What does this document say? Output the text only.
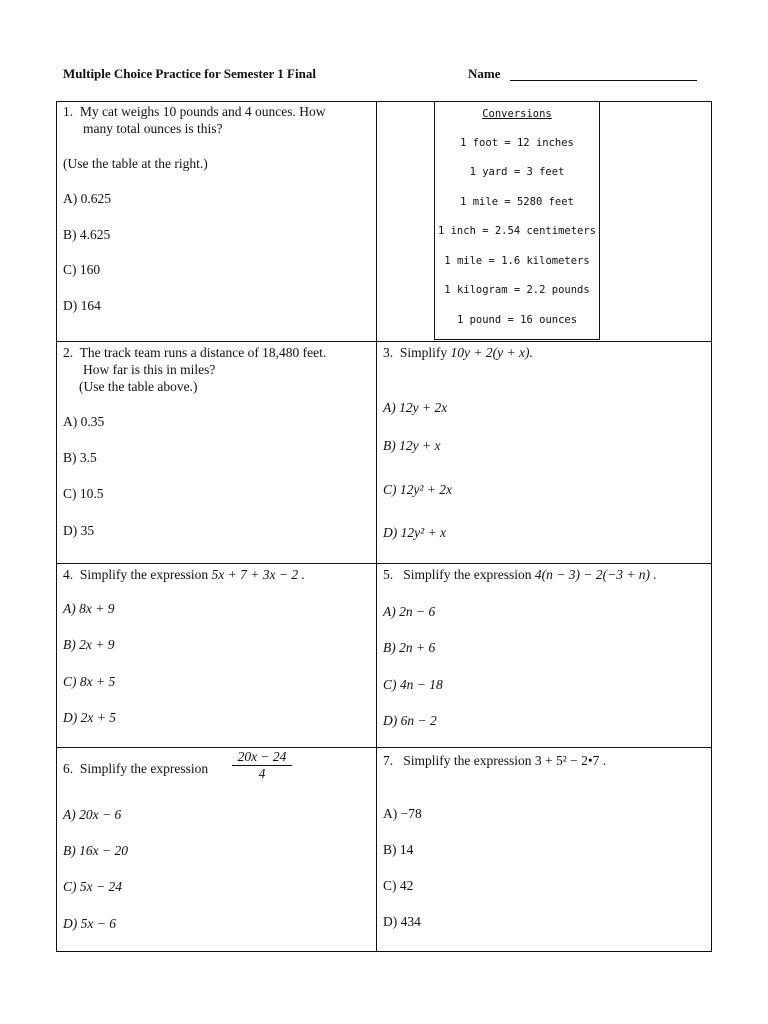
Multiple Choice Practice for Semester 1 Final	Name
Conversions
1 foot = 12 inches
1 yard = 3 feet
1 mile = 5280 feet
1 inch = 2.54 centimeters
1 mile = 1.6 kilometers
1 kilogram = 2.2 pounds
1 pound = 16 ounces
1. My cat weighs 10 pounds and 4 ounces. How
many total ounces is this?
(Use the table at the right.)
A) 0.625
B) 4.625
C) 160
D) 164
2. The track team runs a distance of 18,480 feet.
How far is this in miles?
(Use the table above.)
A) 0.35
B) 3.5
C) 10.5
D) 35
3. Simplify 10y + 2(y + x).
A) 12y + 2x
B) 12y + x
C) 12y² + 2x
D) 12y² + x
4. Simplify the expression 5x + 7 + 3x − 2 .
A) 8x + 9
B) 2x + 9
C) 8x + 5
D) 2x + 5
5. Simplify the expression 4(n − 3) − 2(−3 + n) .
A) 2n − 6
B) 2n + 6
C) 4n − 18
D) 6n − 2
6. Simplify the expression $\frac{20x - 24}{4}$
A) 20x − 6
B) 16x − 20
C) 5x − 24
D) 5x − 6
7. Simplify the expression 3 + 5² − 2•7 .
A) −78
B) 14
C) 42
D) 434
